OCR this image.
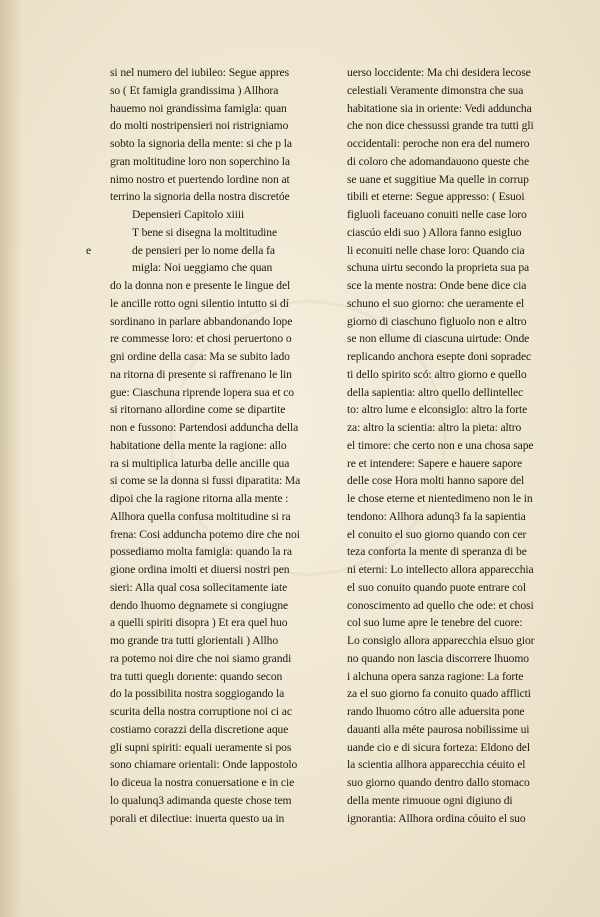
si nel numero del iubileo: Segue appres
so ( Et famigla grandissima ) Allhora
hauemo noi grandissima famigla: quan
do molti nostripensieri noi ristrigniamo
sobto la signoria della mente: si che p la
gran moltitudine loro non soperchino la
nimo nostro et puertendo lordine non at
terrino la signoria della nostra discretóe
Depensieri Capitolo xiiii
T bene si disegna la moltitudine
de pensieri per lo nome della fa
e
migla: Noi ueggiamo che quan
do la donna non e presente le lingue del
le ancille rotto ogni silentio intutto si dí
sordinano in parlare abbandonando lope
re commesse loro: et chosi peruertono o
gni ordine della casa: Ma se subito lado
na ritorna di presente si raffrenano le lin
gue: Ciaschuna riprende lopera sua et co
si ritornano allordine come se dipartite
non e fussono: Partendosi adduncha della
habitatione della mente la ragione: allo
ra si multiplica laturba delle ancille qua
si come se la donna si fussi diparatita: Ma
dipoi che la ragione ritorna alla mente :
Allhora quella confusa moltitudine si ra
frena: Cosi adduncha potemo dire che noi
possediamo molta famigla: quando la ra
gione ordina imolti et diuersi nostri pen
sieri: Alla qual cosa sollecitamente iate
dendo lhuomo degnamete si congiugne
a quelli spiriti disopra ) Et era quel huo
mo grande tra tutti glorientali ) Allho
ra potemo noi dire che noi siamo grandi
tra tutti queglı dorıente: quando secon
do la possibilita nostra soggiogando la
scurita della nostra corruptione noi ci ac
costiamo corazzi della discretione aque
gli supni spiriti: equali ueramente si pos
sono chiamare orientali: Onde lappostolo
lo diceua la nostra conuersatione e in cie
lo qualunq3 adimanda queste chose tem
porali et dilectiue: inuertа questo ua in
uerso loccidente: Ma chi desidera lecose
celestiali Veramente dimonstra che sua
habitatione sia in oriente: Vedi adduncha
che non dice chessussi grande tra tutti gli
occidentali: peroche non era del numero
di coloro che adomandauono queste che
se uane et suggitiue Ma quelle in corrup
tibili et eterne: Segue appresso: ( Esuoi
figluoli faceuano conuiti nelle case loro
ciascúo eldi suo ) Allora fanno esigluo
li econuiti nelle chase loro: Quando cia
schuna uirtu secondo la proprieta sua pa
sce la mente nostra: Onde bene dice cia
schuno el suo giorno: che ueramente el
giorno di ciaschuno figluolo non e altro
se non ellume di ciascuna uirtude: Onde
replicando anchora esepte doni sopradec
ti dello spirito scó: altro giorno e quello
della sapientia: altro quello dellintellec
to: altro lume e elconsiglo: altro la forte
za: altro la scientia: altro la pieta: altro
el timore: che certo non e una chosa sape
re et intendere: Sapere e hauere sapore
delle cose Hora molti hanno sapore del
le chose eterne et nientedimeno non le in
tendono: Allhora adunq3 fa la sapientia
el conuito el suo giorno quando con cer
teza conforta la mente di speranza di be
ni eterni: Lo intellecto allora apparecchia
el suo conuito quando puote entrare col
conoscimento ad quello che ode: et chosi
col suo lume apre le tenebre del cuore:
Lo consiglo allora apparecchia elsuo gior
no quando non lascia discorrere lhuomo
i alchuna opera sanza ragione: La forte
za el suo giorno fa conuito quado afflicti
rando lhuomo cótro alle aduersita pone
dauanti alla méte paurosa nobilissime ui
uande cio e di sicura forteza: Eldono del
la scientia allhora apparecchia céuito el
suo giorno quando dentro dallo stomaco
della mente rimuoue ogni digiuno di
ignorantia: Allhora ordina cóuito el suo
